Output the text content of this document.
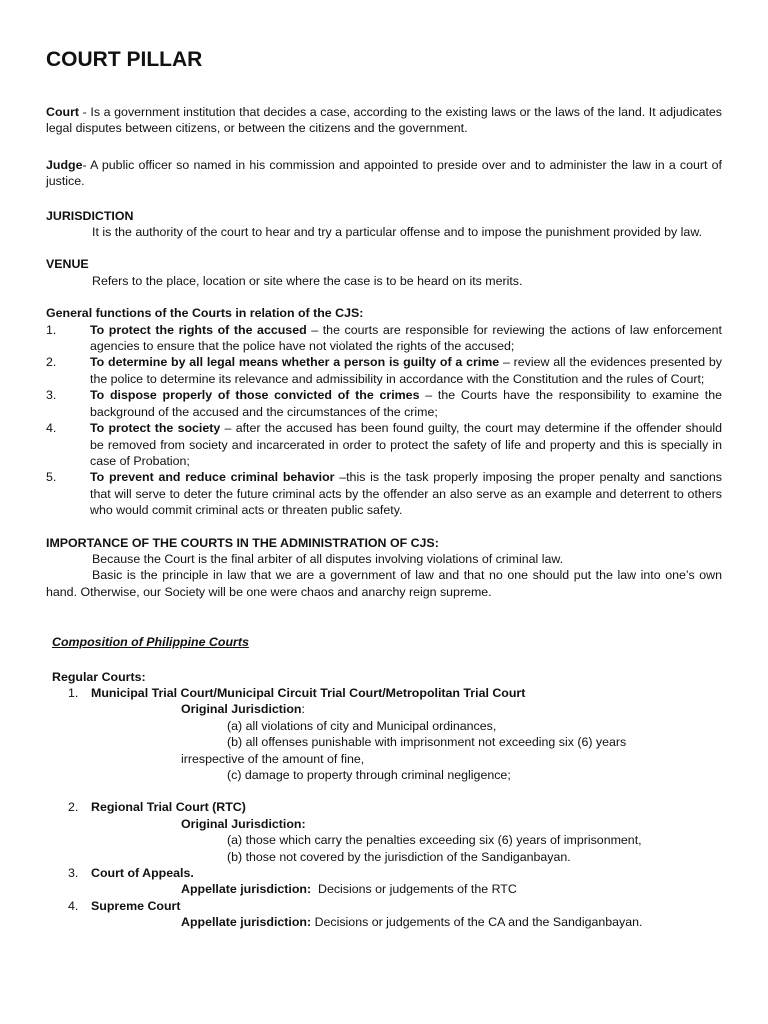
COURT PILLAR

Court - Is a government institution that decides a case, according to the existing laws or the laws of the land. It adjudicates legal disputes between citizens, or between the citizens and the government.

Judge- A public officer so named in his commission and appointed to preside over and to administer the law in a court of justice.

JURISDICTION

It is the authority of the court to hear and try a particular offense and to impose the punishment provided by law.

VENUE

Refers to the place, location or site where the case is to be heard on its merits.

General functions of the Courts in relation of the CJS:

1.	To protect the rights of the accused – the courts are responsible for reviewing the actions of law enforcement agencies to ensure that the police have not violated the rights of the accused;
2.	To determine by all legal means whether a person is guilty of a crime – review all the evidences presented by the police to determine its relevance and admissibility in accordance with the Constitution and the rules of Court;
3.	To dispose properly of those convicted of the crimes – the Courts have the responsibility to examine the background of the accused and the circumstances of the crime;
4.	To protect the society – after the accused has been found guilty, the court may determine if the offender should be removed from society and incarcerated in order to protect the safety of life and property and this is specially in case of Probation;
5.	To prevent and reduce criminal behavior –this is the task properly imposing the proper penalty and sanctions that will serve to deter the future criminal acts by the offender an also serve as an example and deterrent to others who would commit criminal acts or threaten public safety.

IMPORTANCE OF THE COURTS IN THE ADMINISTRATION OF CJS:

Because the Court is the final arbiter of all disputes involving violations of criminal law.

Basic is the principle in law that we are a government of law and that no one should put the law into one’s own hand. Otherwise, our Society will be one were chaos and anarchy reign supreme.

Composition of Philippine Courts

Regular Courts:

1. Municipal Trial Court/Municipal Circuit Trial Court/Metropolitan Trial Court

Original Jurisdiction:

(a) all violations of city and Municipal ordinances,

(b) all offenses punishable with imprisonment not exceeding six (6) years

irrespective of the amount of fine,

(c) damage to property through criminal negligence;

2. Regional Trial Court (RTC)

Original Jurisdiction:

(a) those which carry the penalties exceeding six (6) years of imprisonment,

(b) those not covered by the jurisdiction of the Sandiganbayan.

3. Court of Appeals.

Appellate jurisdiction:  Decisions or judgements of the RTC

4. Supreme Court

Appellate jurisdiction: Decisions or judgements of the CA and the Sandiganbayan.
